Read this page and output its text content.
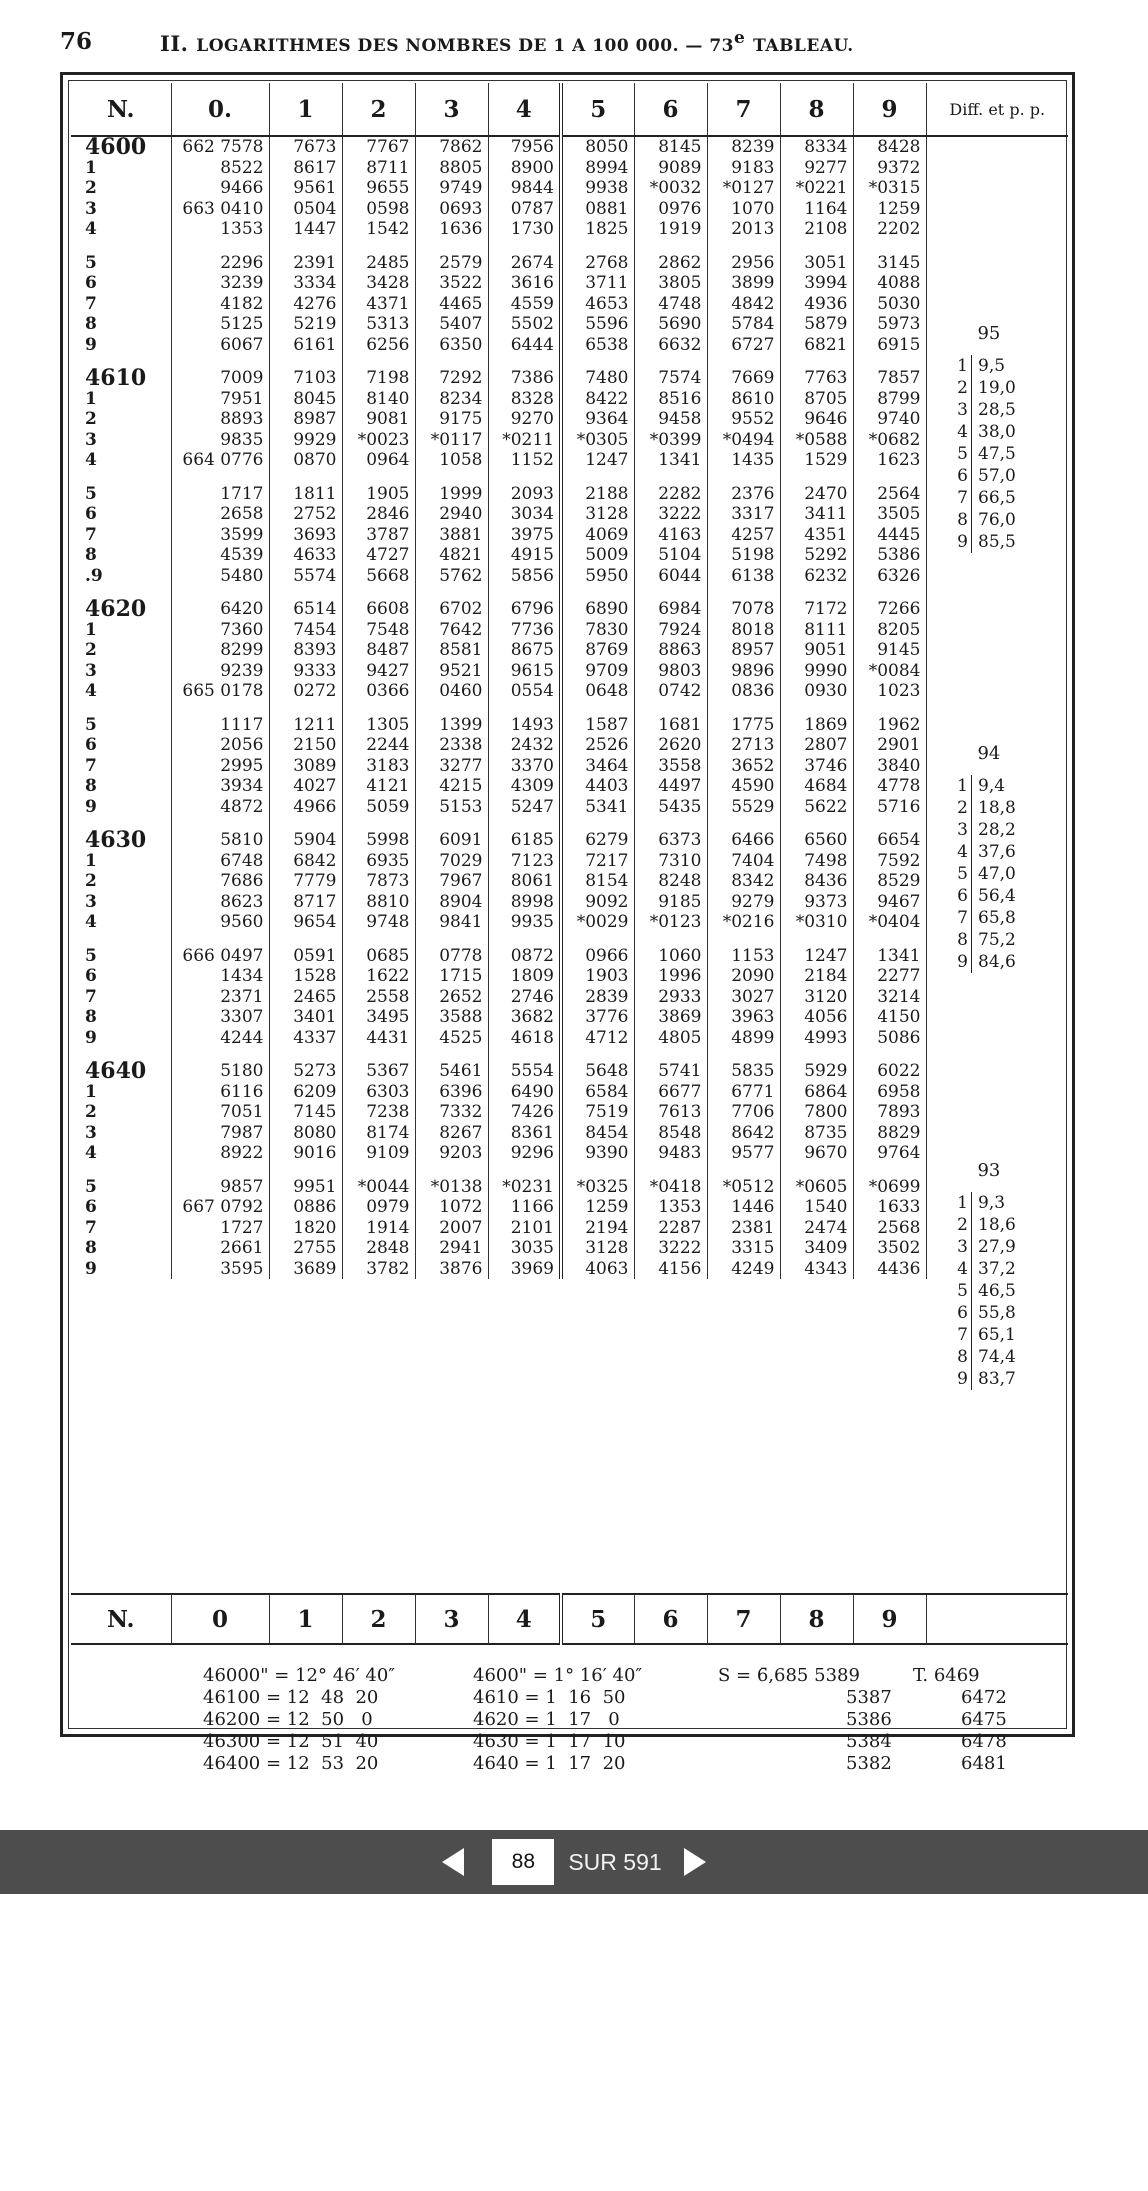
76	II. LOGARITHMES DES NOMBRES DE 1 A 100 000. — 73e TABLEAU.
N.	0.	1	2	3	4	5	6	7	8	9	Diff. et p. p.
4600	662 7578	7673	7767	7862	7956	8050	8145	8239	8334	8428	
1	8522	8617	8711	8805	8900	8994	9089	9183	9277	9372	
2	9466	9561	9655	9749	9844	9938	*0032	*0127	*0221	*0315	
3	663 0410	0504	0598	0693	0787	0881	0976	1070	1164	1259	
4	1353	1447	1542	1636	1730	1825	1919	2013	2108	2202	
5	2296	2391	2485	2579	2674	2768	2862	2956	3051	3145	
6	3239	3334	3428	3522	3616	3711	3805	3899	3994	4088	
7	4182	4276	4371	4465	4559	4653	4748	4842	4936	5030	
8	5125	5219	5313	5407	5502	5596	5690	5784	5879	5973	
9	6067	6161	6256	6350	6444	6538	6632	6727	6821	6915	
4610	7009	7103	7198	7292	7386	7480	7574	7669	7763	7857	
1	7951	8045	8140	8234	8328	8422	8516	8610	8705	8799	
2	8893	8987	9081	9175	9270	9364	9458	9552	9646	9740	
3	9835	9929	*0023	*0117	*0211	*0305	*0399	*0494	*0588	*0682	
4	664 0776	0870	0964	1058	1152	1247	1341	1435	1529	1623	
5	1717	1811	1905	1999	2093	2188	2282	2376	2470	2564	
6	2658	2752	2846	2940	3034	3128	3222	3317	3411	3505	
7	3599	3693	3787	3881	3975	4069	4163	4257	4351	4445	
8	4539	4633	4727	4821	4915	5009	5104	5198	5292	5386	
.9	5480	5574	5668	5762	5856	5950	6044	6138	6232	6326	
4620	6420	6514	6608	6702	6796	6890	6984	7078	7172	7266	
1	7360	7454	7548	7642	7736	7830	7924	8018	8111	8205	
2	8299	8393	8487	8581	8675	8769	8863	8957	9051	9145	
3	9239	9333	9427	9521	9615	9709	9803	9896	9990	*0084	
4	665 0178	0272	0366	0460	0554	0648	0742	0836	0930	1023	
5	1117	1211	1305	1399	1493	1587	1681	1775	1869	1962	
6	2056	2150	2244	2338	2432	2526	2620	2713	2807	2901	
7	2995	3089	3183	3277	3370	3464	3558	3652	3746	3840	
8	3934	4027	4121	4215	4309	4403	4497	4590	4684	4778	
9	4872	4966	5059	5153	5247	5341	5435	5529	5622	5716	
4630	5810	5904	5998	6091	6185	6279	6373	6466	6560	6654	
1	6748	6842	6935	7029	7123	7217	7310	7404	7498	7592	
2	7686	7779	7873	7967	8061	8154	8248	8342	8436	8529	
3	8623	8717	8810	8904	8998	9092	9185	9279	9373	9467	
4	9560	9654	9748	9841	9935	*0029	*0123	*0216	*0310	*0404	
5	666 0497	0591	0685	0778	0872	0966	1060	1153	1247	1341	
6	1434	1528	1622	1715	1809	1903	1996	2090	2184	2277	
7	2371	2465	2558	2652	2746	2839	2933	3027	3120	3214	
8	3307	3401	3495	3588	3682	3776	3869	3963	4056	4150	
9	4244	4337	4431	4525	4618	4712	4805	4899	4993	5086	
4640	5180	5273	5367	5461	5554	5648	5741	5835	5929	6022	
1	6116	6209	6303	6396	6490	6584	6677	6771	6864	6958	
2	7051	7145	7238	7332	7426	7519	7613	7706	7800	7893	
3	7987	8080	8174	8267	8361	8454	8548	8642	8735	8829	
4	8922	9016	9109	9203	9296	9390	9483	9577	9670	9764	
5	9857	9951	*0044	*0138	*0231	*0325	*0418	*0512	*0605	*0699	
6	667 0792	0886	0979	1072	1166	1259	1353	1446	1540	1633	
7	1727	1820	1914	2007	2101	2194	2287	2381	2474	2568	
8	2661	2755	2848	2941	3035	3128	3222	3315	3409	3502	
9	3595	3689	3782	3876	3969	4063	4156	4249	4343	4436	
95
1 9,5
2 19,0
3 28,5
4 38,0
5 47,5
6 57,0
7 66,5
8 76,0
9 85,5
94
1 9,4
2 18,8
3 28,2
4 37,6
5 47,0
6 56,4
7 65,8
8 75,2
9 84,6
93
1 9,3
2 18,6
3 27,9
4 37,2
5 46,5
6 55,8
7 65,1
8 74,4
9 83,7
N.	0	1	2	3	4	5	6	7	8	9	
46000" = 12° 46′ 40″
46100 = 12  48  20
46200 = 12  50   0
46300 = 12  51  40
46400 = 12  53  20
4600" = 1° 16′ 40″
4610 = 1  16  50
4620 = 1  17   0
4630 = 1  17  10
4640 = 1  17  20
S = 6̄,685 5389
5387
5386
5384
5382
T. 6469
6472
6475
6478
6481
88
SUR 591
